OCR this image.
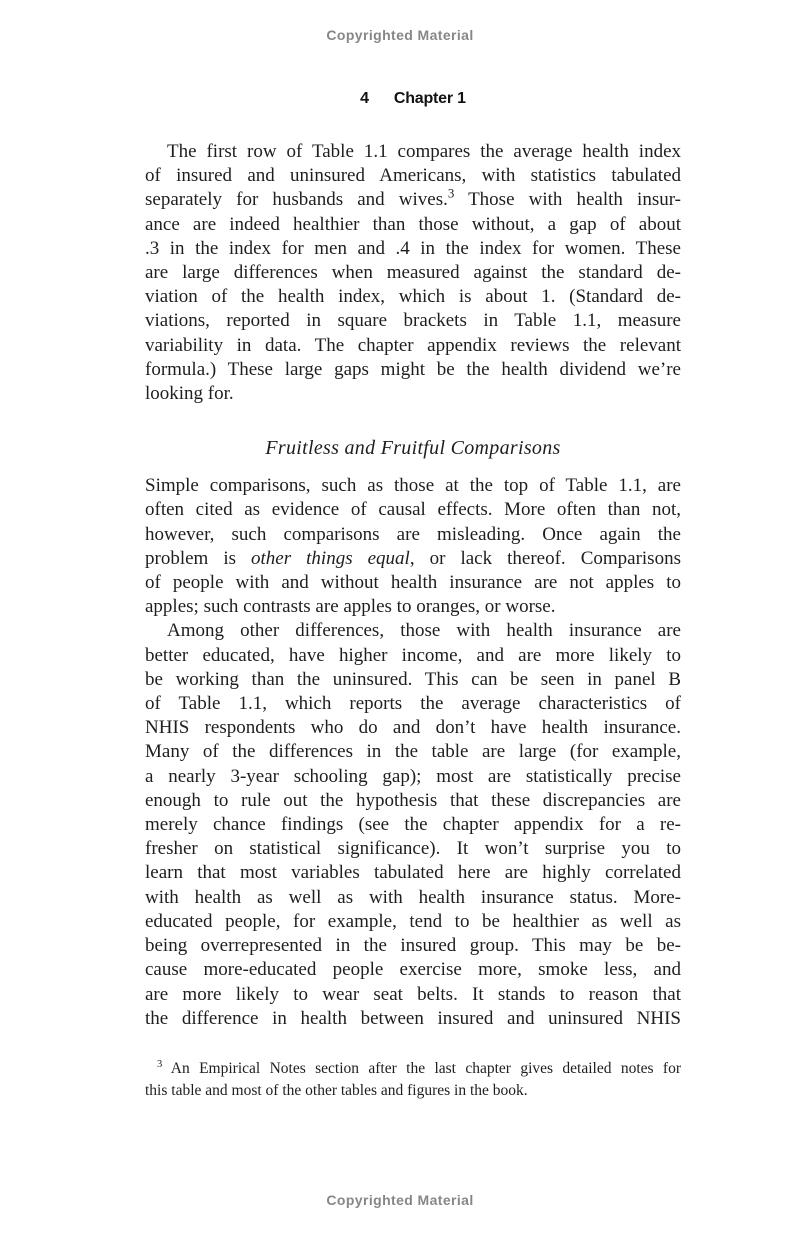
Copyrighted Material
4 Chapter 1
The first row of Table 1.1 compares the average health index
of insured and uninsured Americans, with statistics tabulated
separately for husbands and wives.$^3$ Those with health insur-
ance are indeed healthier than those without, a gap of about
.3 in the index for men and .4 in the index for women. These
are large differences when measured against the standard de-
viation of the health index, which is about 1. (Standard de-
viations, reported in square brackets in Table 1.1, measure
variability in data. The chapter appendix reviews the relevant
formula.) These large gaps might be the health dividend we’re
looking for.
Fruitless and Fruitful Comparisons
Simple comparisons, such as those at the top of Table 1.1, are
often cited as evidence of causal effects. More often than not,
however, such comparisons are misleading. Once again the
problem is other things equal, or lack thereof. Comparisons
of people with and without health insurance are not apples to
apples; such contrasts are apples to oranges, or worse.
Among other differences, those with health insurance are
better educated, have higher income, and are more likely to
be working than the uninsured. This can be seen in panel B
of Table 1.1, which reports the average characteristics of
NHIS respondents who do and don’t have health insurance.
Many of the differences in the table are large (for example,
a nearly 3-year schooling gap); most are statistically precise
enough to rule out the hypothesis that these discrepancies are
merely chance findings (see the chapter appendix for a re-
fresher on statistical significance). It won’t surprise you to
learn that most variables tabulated here are highly correlated
with health as well as with health insurance status. More-
educated people, for example, tend to be healthier as well as
being overrepresented in the insured group. This may be be-
cause more-educated people exercise more, smoke less, and
are more likely to wear seat belts. It stands to reason that
the difference in health between insured and uninsured NHIS
$^3$ An Empirical Notes section after the last chapter gives detailed notes for
this table and most of the other tables and figures in the book.
Copyrighted Material
